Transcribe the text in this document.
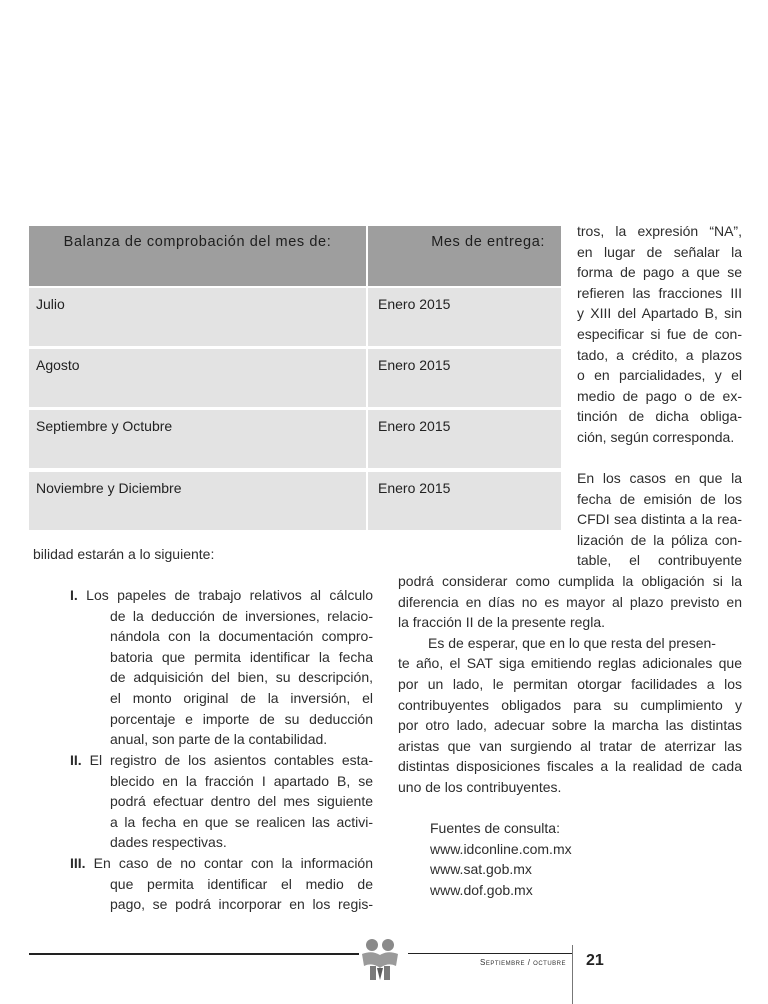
Balanza de comprobación del mes de:	Mes de entrega:
Julio	Enero 2015
Agosto	Enero 2015
Septiembre y Octubre	Enero 2015
Noviembre y Diciembre	Enero 2015
tros, la expresión “NA”,
en lugar de señalar la
forma de pago a que se
refieren las fracciones III
y XIII del Apartado B, sin
especificar si fue de con-
tado, a crédito, a plazos
o en parcialidades, y el
medio de pago o de ex-
tinción de dicha obliga-
ción, según corresponda.
En los casos en que la
fecha de emisión de los
CFDI sea distinta a la rea-
lización de la póliza con-
table, el contribuyente
podrá considerar como cumplida la obligación si la
diferencia en días no es mayor al plazo previsto en
la fracción II de la presente regla.
Es de esperar, que en lo que resta del presen-
te año, el SAT siga emitiendo reglas adicionales que
por un lado, le permitan otorgar facilidades a los
contribuyentes obligados para su cumplimiento y
por otro lado, adecuar sobre la marcha las distintas
aristas que van surgiendo al tratar de aterrizar las
distintas disposiciones fiscales a la realidad de cada
uno de los contribuyentes.
Fuentes de consulta:
www.idconline.com.mx
www.sat.gob.mx
www.dof.gob.mx
bilidad estarán a lo siguiente:
I. Los papeles de trabajo relativos al cálculo
de la deducción de inversiones, relacio-
nándola con la documentación compro-
batoria que permita identificar la fecha
de adquisición del bien, su descripción,
el monto original de la inversión, el
porcentaje e importe de su deducción
anual, son parte de la contabilidad.
II. El registro de los asientos contables esta-
blecido en la fracción I apartado B, se
podrá efectuar dentro del mes siguiente
a la fecha en que se realicen las activi-
dades respectivas.
III. En caso de no contar con la información
que permita identificar el medio de
pago, se podrá incorporar en los regis-
Septiembre / octubre 21
